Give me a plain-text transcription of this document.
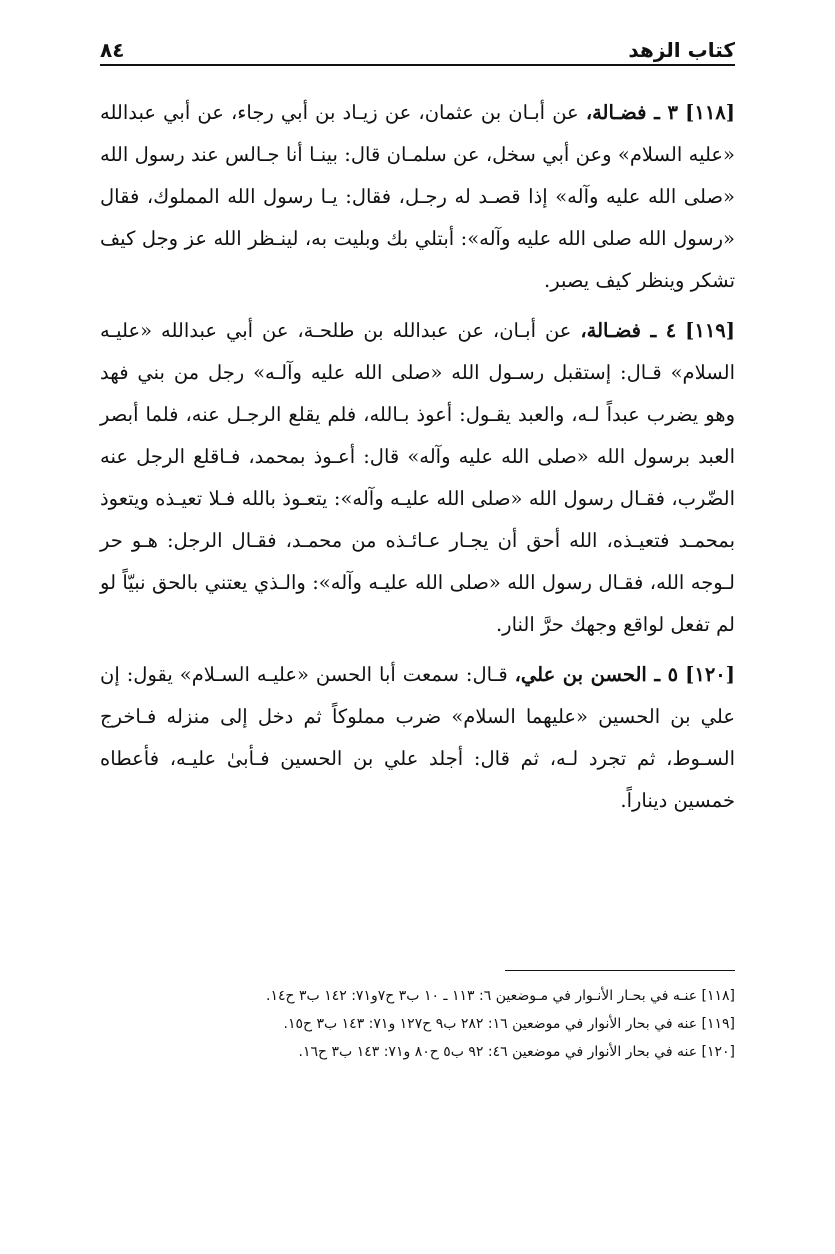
كتاب الزهد
٨٤

[١١٨] ٣ ـ فضـالة، عن أبـان بن عثمان، عن زيـاد بن أبي رجاء، عن أبي عبدالله «عليه السلام» وعن أبي سخل، عن سلمـان قال: بينـا أنا جـالس عند رسول الله «صلى الله عليه وآله» إذا قصـد له رجـل، فقال: يـا رسول الله المملوك، فقال «رسول الله صلى الله عليه وآله»: أبتلي بك وبليت به، لينـظر الله عز وجل كيف تشكر وينظر كيف يصبر.

[١١٩] ٤ ـ فضـالة، عن أبـان، عن عبدالله بن طلحـة، عن أبي عبدالله «عليـه السلام» قـال: إستقبل رسـول الله «صلى الله عليه وآلـه» رجل من بني فهد وهو يضرب عبداً لـه، والعبد يقـول: أعوذ بـالله، فلم يقلع الرجـل عنه، فلما أبصر العبد برسول الله «صلى الله عليه وآله» قال: أعـوذ بمحمد، فـاقلع الرجل عنه الضّرب، فقـال رسول الله «صلى الله عليـه وآله»: يتعـوذ بالله فـلا تعيـذه ويتعوذ بمحمـد فتعيـذه، الله أحق أن يجـار عـائـذه من محمـد، فقـال الرجل: هـو حر لـوجه الله، فقـال رسول الله «صلى الله عليـه وآله»: والـذي يعتني بالحق نبيّاً لو لم تفعل لواقع وجهك حرَّ النار.

[١٢٠] ٥ ـ الحسن بن علي، قـال: سمعت أبا الحسن «عليـه السـلام» يقول: إن علي بن الحسين «عليهما السلام» ضرب مملوكاً ثم دخل إلى منزله فـاخرج السـوط، ثم تجرد لـه، ثم قال: أجلد علي بن الحسين فـأبىٰ عليـه، فأعطاه خمسين ديناراً.

[١١٨] عنـه في بحـار الأنـوار في مـوضعين ٦: ١١٣ ـ ١٠ ب٣ ح٧و٧١: ١٤٢ ب٣ ح١٤.

[١١٩] عنه في بحار الأنوار في موضعين ١٦: ٢٨٢ ب٩ ح١٢٧ و٧١: ١٤٣ ب٣ ح١٥.

[١٢٠] عنه في بحار الأنوار في موضعين ٤٦: ٩٢ ب٥ ح٨٠ و٧١: ١٤٣ ب٣ ح١٦.
